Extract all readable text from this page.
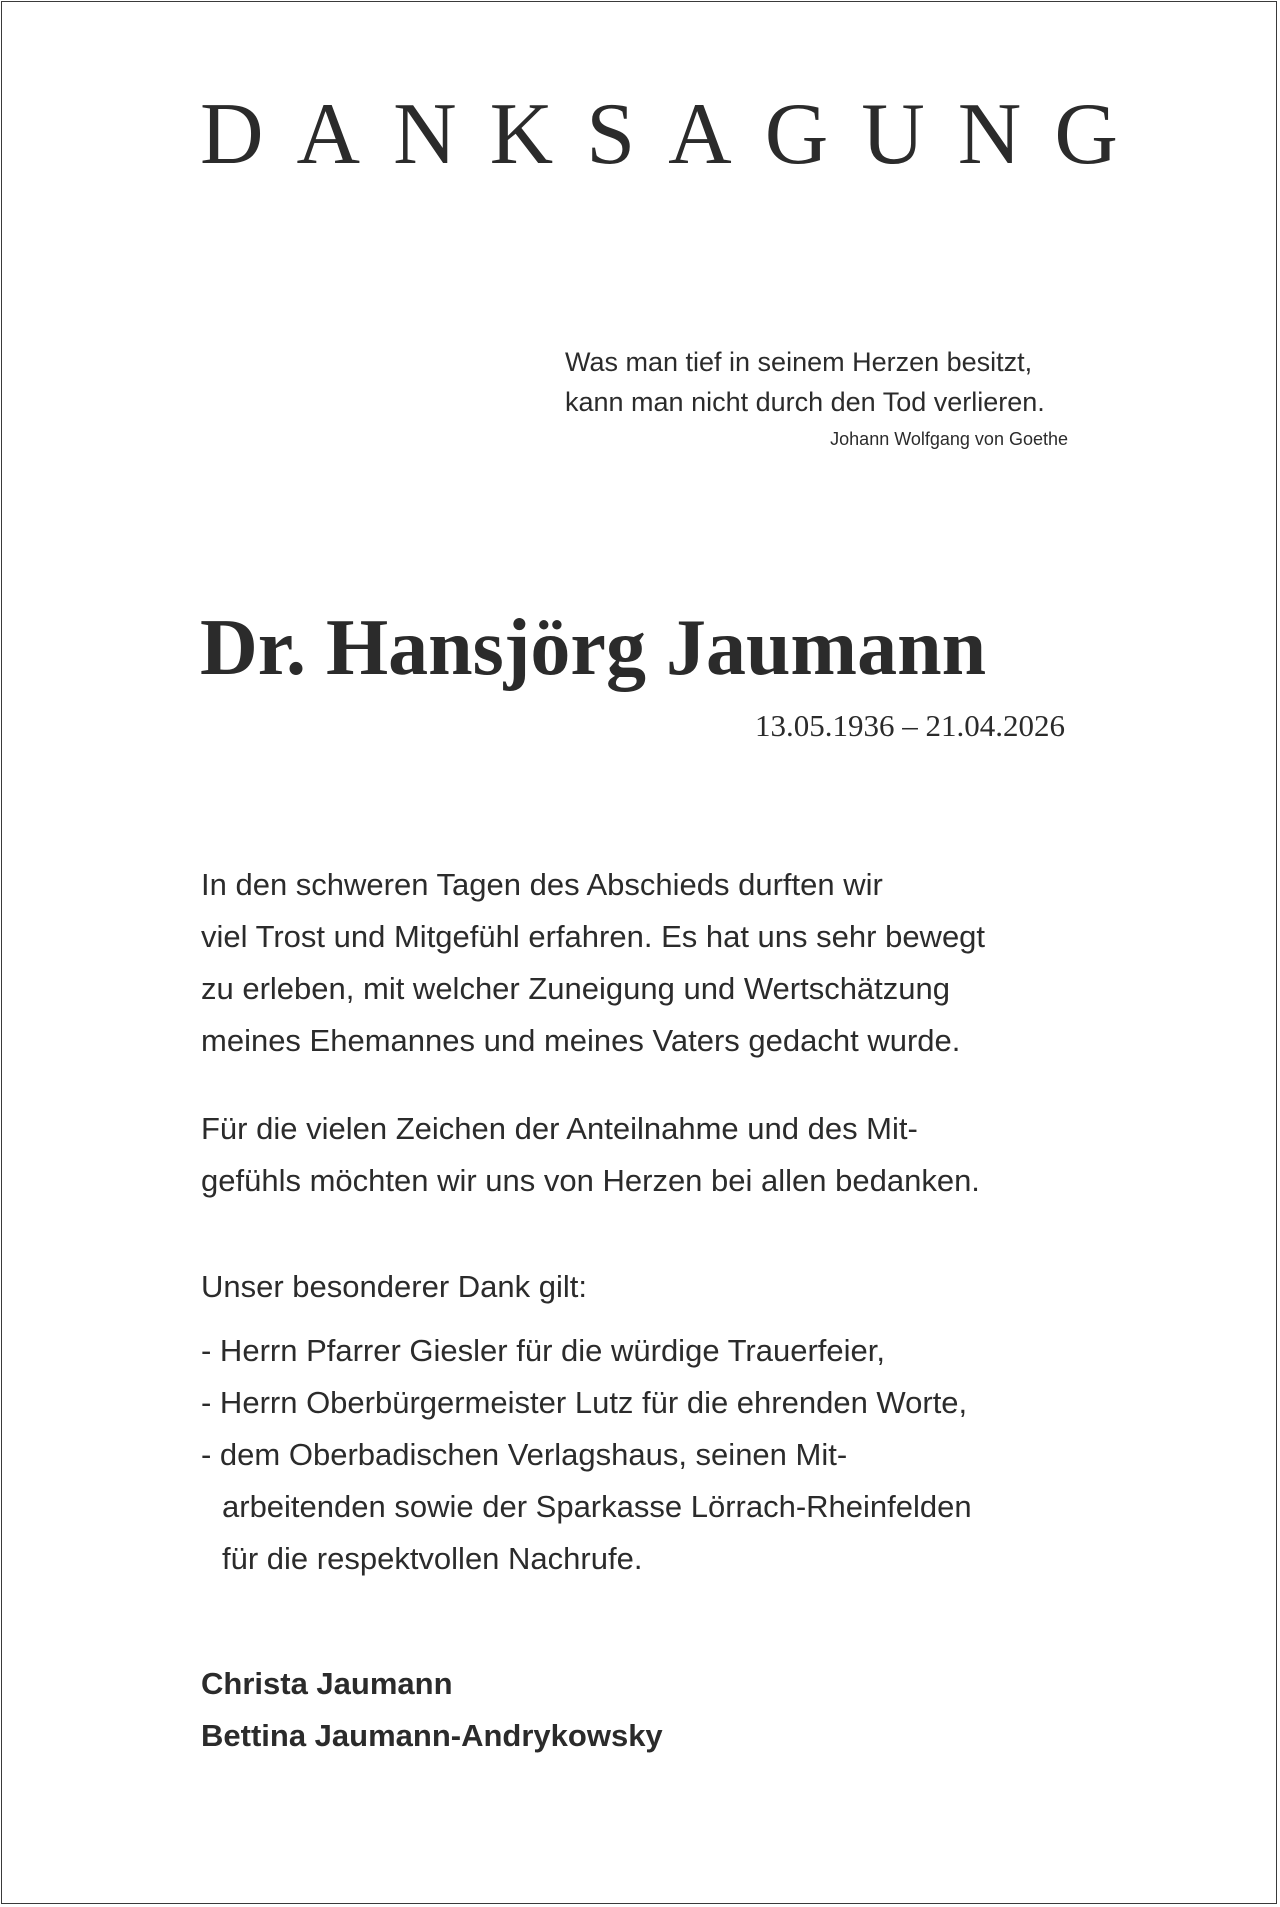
DANKSAGUNG
Was man tief in seinem Herzen besitzt,
kann man nicht durch den Tod verlieren.
Johann Wolfgang von Goethe
Dr. Hansjörg Jaumann
13.05.1936 – 21.04.2026
In den schweren Tagen des Abschieds durften wir
viel Trost und Mitgefühl erfahren. Es hat uns sehr bewegt
zu erleben, mit welcher Zuneigung und Wertschätzung
meines Ehemannes und meines Vaters gedacht wurde.
Für die vielen Zeichen der Anteilnahme und des Mit-
gefühls möchten wir uns von Herzen bei allen bedanken.
Unser besonderer Dank gilt:
- Herrn Pfarrer Giesler für die würdige Trauerfeier,
- Herrn Oberbürgermeister Lutz für die ehrenden Worte,
- dem Oberbadischen Verlagshaus, seinen Mit-
arbeitenden sowie der Sparkasse Lörrach-Rheinfelden
für die respektvollen Nachrufe.
Christa Jaumann
Bettina Jaumann-Andrykowsky
